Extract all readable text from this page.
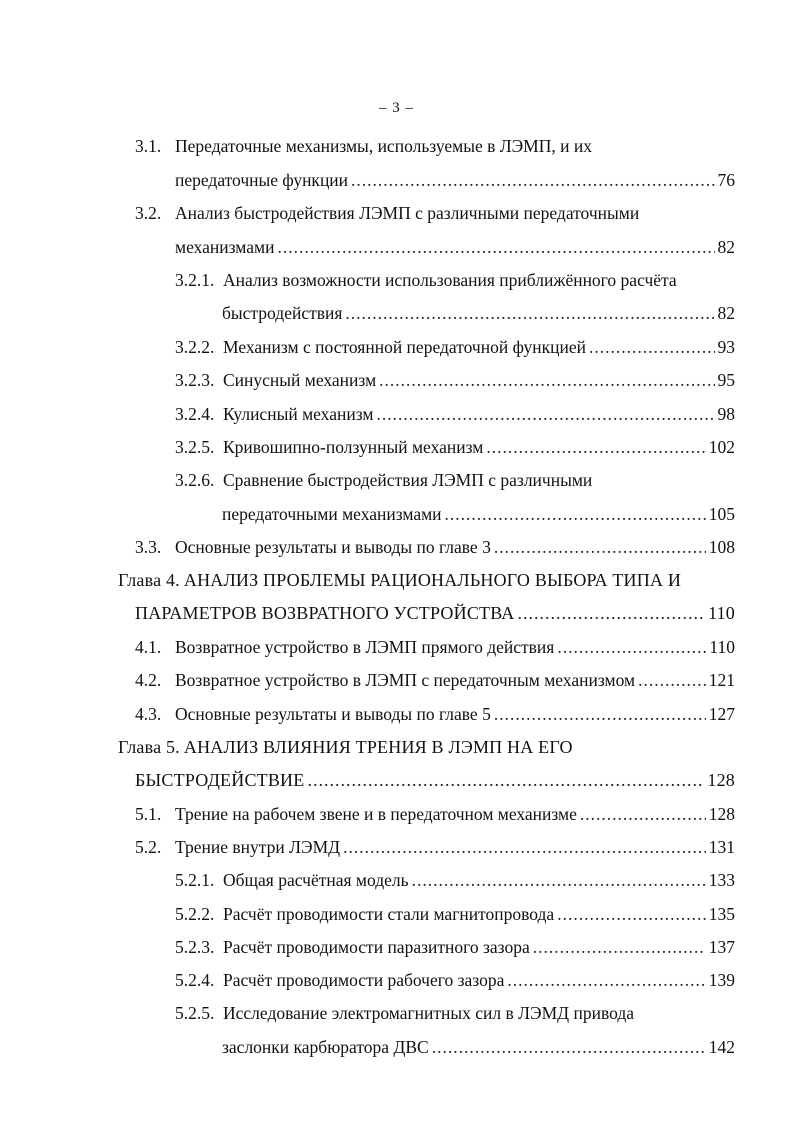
– 3 –
3.1. Передаточные механизмы, используемые в ЛЭМП, и их
передаточные функции .....	76
3.2. Анализ быстродействия ЛЭМП с различными передаточными
механизмами .....	82
3.2.1. Анализ возможности использования приближённого расчёта
быстродействия .....	82
3.2.2. Механизм с постоянной передаточной функцией .....	93
3.2.3. Синусный механизм .....	95
3.2.4. Кулисный механизм .....	98
3.2.5. Кривошипно-ползунный механизм .....	102
3.2.6. Сравнение быстродействия ЛЭМП с различными
передаточными механизмами .....	105
3.3. Основные результаты и выводы по главе 3 .....	108
Глава 4. АНАЛИЗ ПРОБЛЕМЫ РАЦИОНАЛЬНОГО ВЫБОРА ТИПА И
ПАРАМЕТРОВ ВОЗВРАТНОГО УСТРОЙСТВА .....	110
4.1. Возвратное устройство в ЛЭМП прямого действия .....	110
4.2. Возвратное устройство в ЛЭМП с передаточным механизмом .....	121
4.3. Основные результаты и выводы по главе 5 .....	127
Глава 5. АНАЛИЗ ВЛИЯНИЯ ТРЕНИЯ В ЛЭМП НА ЕГО
БЫСТРОДЕЙСТВИЕ .....	128
5.1. Трение на рабочем звене и в передаточном механизме .....	128
5.2. Трение внутри ЛЭМД .....	131
5.2.1. Общая расчётная модель .....	133
5.2.2. Расчёт проводимости стали магнитопровода .....	135
5.2.3. Расчёт проводимости паразитного зазора .....	137
5.2.4. Расчёт проводимости рабочего зазора .....	139
5.2.5. Исследование электромагнитных сил в ЛЭМД привода
заслонки карбюратора ДВС .....	142
